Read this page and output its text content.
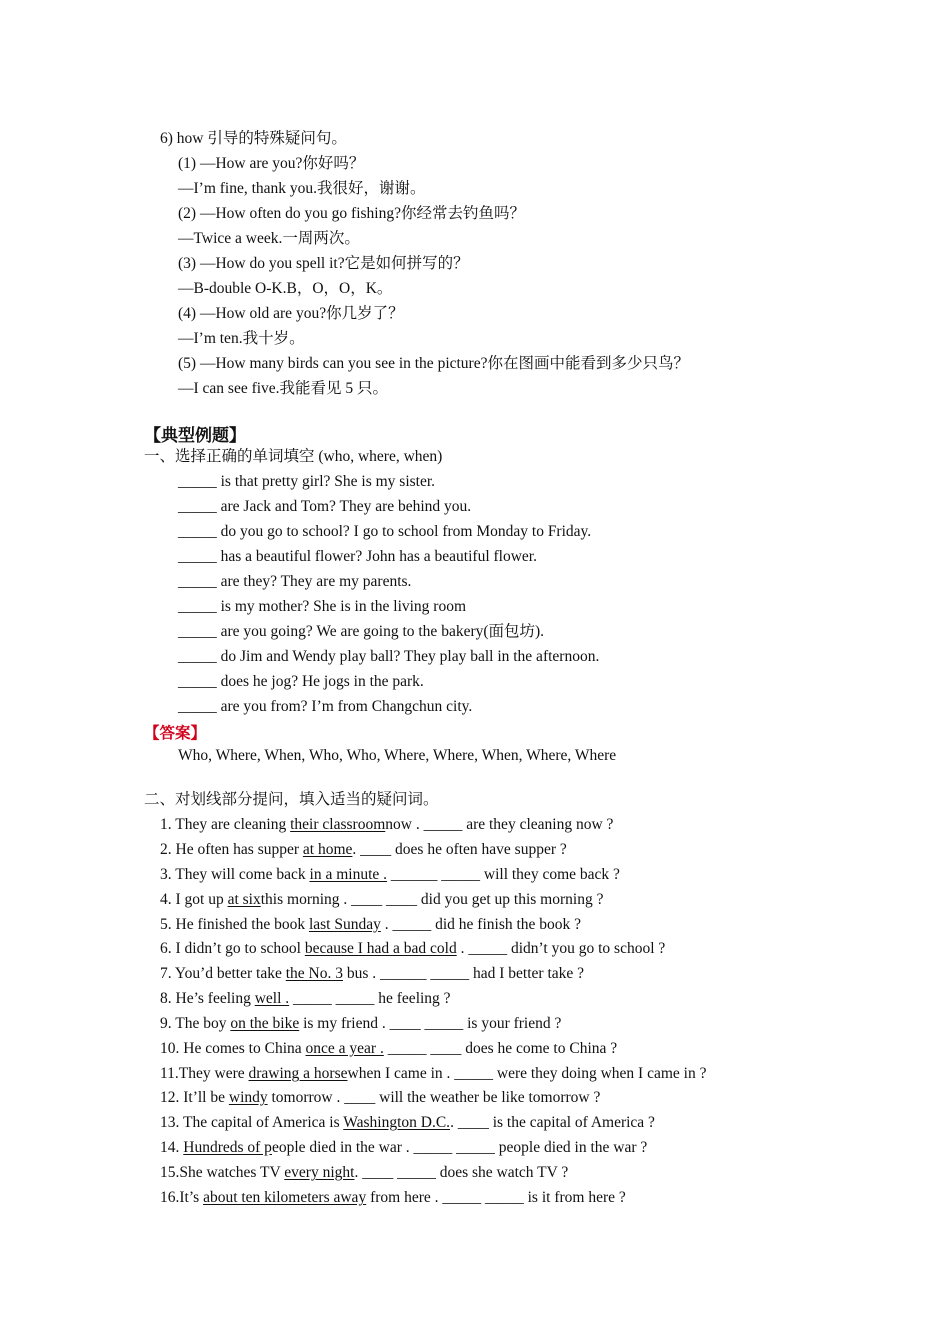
6) how 引导的特殊疑问句。
(1) —How are you?你好吗？
—I’m fine, thank you.我很好，谢谢。
(2) —How often do you go fishing?你经常去钓鱼吗？
—Twice a week.一周两次。
(3) —How do you spell it?它是如何拼写的？
—B-double O-K.B，O，O，K。
(4) —How old are you?你几岁了？
—I’m ten.我十岁。
(5) —How many birds can you see in the picture?你在图画中能看到多少只鸟？
—I can see five.我能看见 5 只。
【典型例题】
一、选择正确的单词填空 (who, where, when)
_____ is that pretty girl? She is my sister.
_____ are Jack and Tom? They are behind you.
_____ do you go to school? I go to school from Monday to Friday.
_____ has a beautiful flower? John has a beautiful flower.
_____ are they? They are my parents.
_____ is my mother? She is in the living room
_____ are you going? We are going to the bakery(面包坊).
_____ do Jim and Wendy play ball? They play ball in the afternoon.
_____ does he jog? He jogs in the park.
_____ are you from? I’m from Changchun city.
【答案】
Who, Where, When, Who, Who, Where, Where, When, Where, Where
二、对划线部分提问，填入适当的疑问词。
1. They are cleaning their classroomnow . _____ are they cleaning now ?
2. He often has supper at home. ____ does he often have supper ?
3. They will come back in a minute . ______ _____ will they come back ?
4. I got up at sixthis morning . ____ ____ did you get up this morning ?
5. He finished the book last Sunday . _____ did he finish the book ?
6. I didn’t go to school because I had a bad cold . _____ didn’t you go to school ?
7. You’d better take the No. 3 bus . ______ _____ had I better take ?
8. He’s feeling well . _____ _____ he feeling ?
9. The boy on the bike is my friend . ____ _____ is your friend ?
10. He comes to China once a year . _____ ____ does he come to China ?
11.They were drawing a horsewhen I came in . _____ were they doing when I came in ?
12. It’ll be windy tomorrow . ____ will the weather be like tomorrow ?
13. The capital of America is Washington D.C.. ____ is the capital of America ?
14. Hundreds of people died in the war . _____ _____ people died in the war ?
15.She watches TV every night. ____ _____ does she watch TV ?
16.It’s about ten kilometers away from here . _____ _____ is it from here ?
